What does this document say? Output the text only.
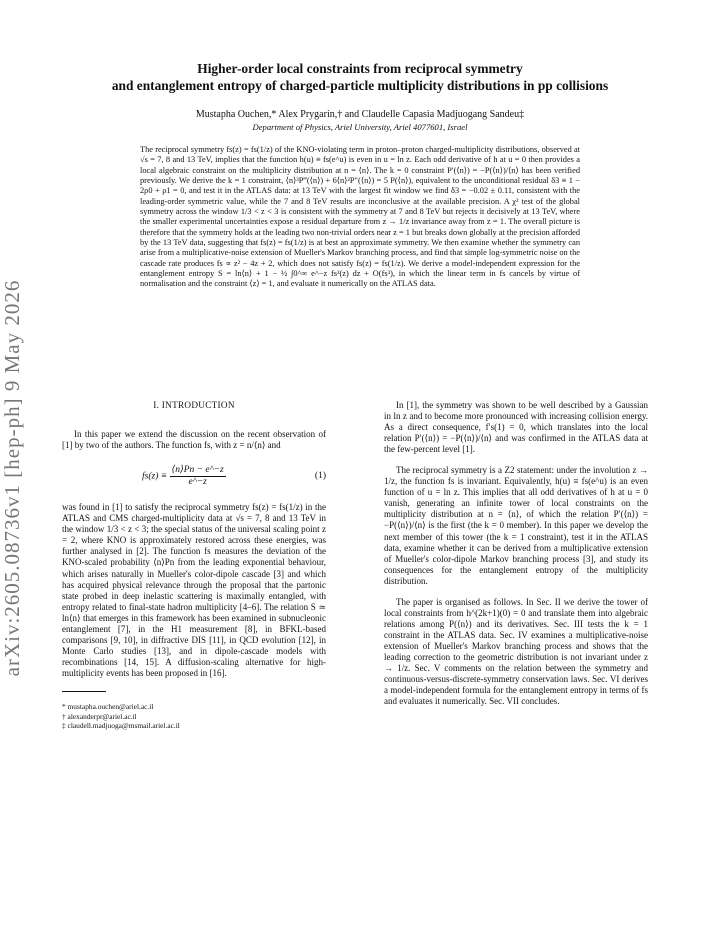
arXiv:2605.08736v1 [hep-ph] 9 May 2026
Higher-order local constraints from reciprocal symmetry
and entanglement entropy of charged-particle multiplicity distributions in pp collisions
Mustapha Ouchen,* Alex Prygarin,† and Claudelle Capasia Madjuogang Sandeu‡
Department of Physics, Ariel University, Ariel 4077601, Israel
The reciprocal symmetry fs(z) = fs(1/z) of the KNO-violating term in proton–proton charged-multiplicity distributions, observed at √s = 7, 8 and 13 TeV, implies that the function h(u) ≡ fs(e^u) is even in u = ln z. Each odd derivative of h at u = 0 then provides a local algebraic constraint on the multiplicity distribution at n = ⟨n⟩. The k = 0 constraint P′(⟨n⟩) = −P(⟨n⟩)/⟨n⟩ has been verified previously. We derive the k = 1 constraint, ⟨n⟩³P‴(⟨n⟩) + 6⟨n⟩²P″(⟨n⟩) = 5 P(⟨n⟩), equivalent to the unconditional residual δ3 ≡ 1 − 2ρ0 + ρ1 = 0, and test it in the ATLAS data: at 13 TeV with the largest fit window we find δ3 = −0.02 ± 0.11, consistent with the leading-order symmetric value, while the 7 and 8 TeV results are inconclusive at the available precision. A χ² test of the global symmetry across the window 1/3 < z < 3 is consistent with the symmetry at 7 and 8 TeV but rejects it decisively at 13 TeV, where the smaller experimental uncertainties expose a residual departure from z → 1/z invariance away from z = 1. The overall picture is therefore that the symmetry holds at the leading two non-trivial orders near z = 1 but breaks down globally at the precision afforded by the 13 TeV data, suggesting that fs(z) = fs(1/z) is at best an approximate symmetry. We then examine whether the symmetry can arise from a multiplicative-noise extension of Mueller's Markov branching process, and find that simple log-symmetric noise on the cascade rate produces fs ∝ z² − 4z + 2, which does not satisfy fs(z) = fs(1/z). We derive a model-independent expression for the entanglement entropy S = ln⟨n⟩ + 1 − ½ ∫0^∞ e^−z fs²(z) dz + O(fs³), in which the linear term in fs cancels by virtue of normalisation and the constraint ⟨z⟩ = 1, and evaluate it numerically on the ATLAS data.
I. INTRODUCTION

In this paper we extend the discussion on the recent observation of [1] by two of the authors. The function fs, with z = n/⟨n⟩ and

$fs(z) \equiv \frac{⟨n⟩Pn - e\^{}-z}{e\^{}-z}$	(1)

was found in [1] to satisfy the reciprocal symmetry fs(z) = fs(1/z) in the ATLAS and CMS charged-multiplicity data at √s = 7, 8 and 13 TeV in the window 1/3 < z < 3; the special status of the universal scaling point z = 2, where KNO is approximately restored across these energies, was further analysed in [2]. The function fs measures the deviation of the KNO-scaled probability ⟨n⟩Pn from the leading exponential behaviour, which arises naturally in Mueller's color-dipole cascade [3] and which has acquired physical relevance through the proposal that the partonic state probed in deep inelastic scattering is maximally entangled, with entropy related to final-state hadron multiplicity [4–6]. The relation S ≃ ln⟨n⟩ that emerges in this framework has been examined in subnucleonic entanglement [7], in the H1 measurement [8], in BFKL-based comparisons [9, 10], in diffractive DIS [11], in QCD evolution [12], in Monte Carlo studies [13], and in dipole-cascade models with recombinations [14, 15]. A diffusion-scaling alternative for high-multiplicity events has been proposed in [16].

* mustapha.ouchen@ariel.ac.il
† alexanderpr@ariel.ac.il
‡ claudell.madjuoga@msmail.ariel.ac.il

In [1], the symmetry was shown to be well described by a Gaussian in ln z and to become more pronounced with increasing collision energy. As a direct consequence, f′s(1) = 0, which translates into the local relation P′(⟨n⟩) = −P(⟨n⟩)/⟨n⟩ and was confirmed in the ATLAS data at the few-percent level [1].

The reciprocal symmetry is a Z2 statement: under the involution z → 1/z, the function fs is invariant. Equivalently, h(u) ≡ fs(e^u) is an even function of u = ln z. This implies that all odd derivatives of h at u = 0 vanish, generating an infinite tower of local constraints on the multiplicity distribution at n = ⟨n⟩, of which the relation P′(⟨n⟩) = −P(⟨n⟩)/⟨n⟩ is the first (the k = 0 member). In this paper we develop the next member of this tower (the k = 1 constraint), test it in the ATLAS data, examine whether it can be derived from a multiplicative extension of Mueller's color-dipole Markov branching process [3], and study its consequences for the entanglement entropy of the multiplicity distribution.

The paper is organised as follows. In Sec. II we derive the tower of local constraints from h^(2k+1)(0) = 0 and translate them into algebraic relations among P(⟨n⟩) and its derivatives. Sec. III tests the k = 1 constraint in the ATLAS data. Sec. IV examines a multiplicative-noise extension of Mueller's Markov branching process and shows that the leading correction to the geometric distribution is not invariant under z → 1/z. Sec. V comments on the relation between the symmetry and continuous-versus-discrete-symmetry conservation laws. Sec. VI derives a model-independent formula for the entanglement entropy in terms of fs and evaluates it numerically. Sec. VII concludes.
